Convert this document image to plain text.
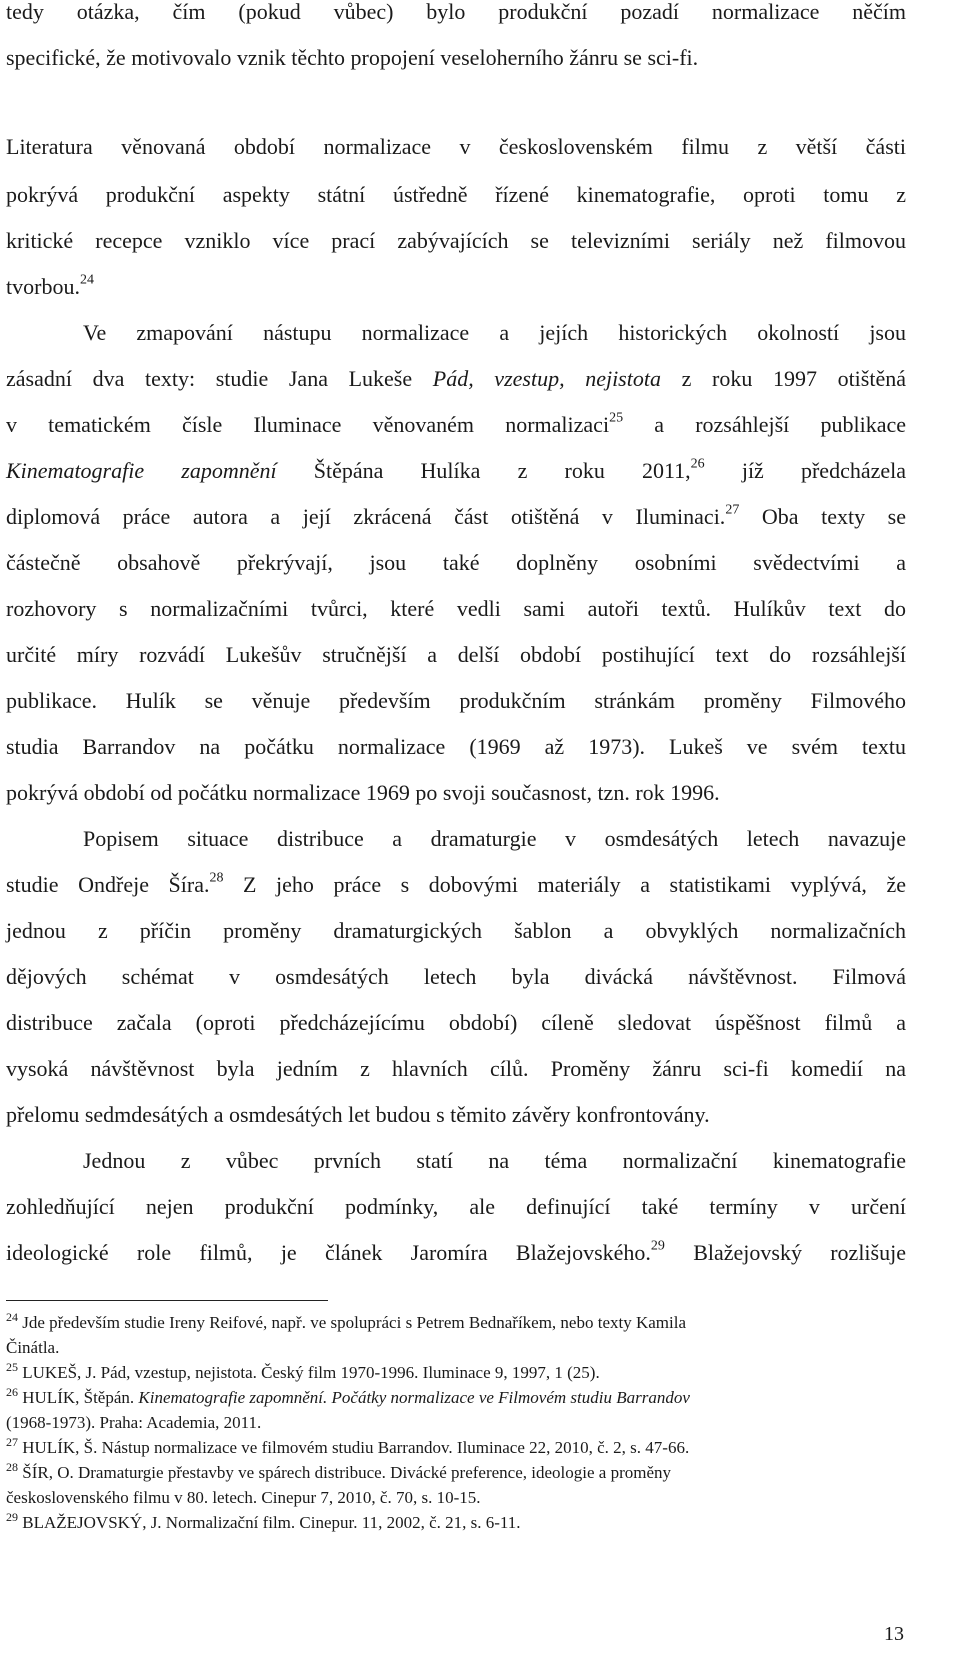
tedy otázka, čím (pokud vůbec) bylo produkční pozadí normalizace něčím
specifické, že motivovalo vznik těchto propojení veseloherního žánru se sci-fi.
Literatura věnovaná období normalizace v československém filmu z větší části
pokrývá produkční aspekty státní ústředně řízené kinematografie, oproti tomu z
kritické recepce vzniklo více prací zabývajících se televizními seriály než filmovou
tvorbou.$^{24}$
Ve zmapování nástupu normalizace a jejích historických okolností jsou
zásadní dva texty: studie Jana Lukeše Pád, vzestup, nejistota z roku 1997 otištěná
v tematickém čísle Iluminace věnovaném normalizaci$^{25}$ a rozsáhlejší publikace
Kinematografie zapomnění Štěpána Hulíka z roku 2011,26 jíž předcházela
diplomová práce autora a její zkrácená část otištěná v Iluminaci.$^{27}$ Oba texty se
částečně obsahově překrývají, jsou také doplněny osobními svědectvími a
rozhovory s normalizačními tvůrci, které vedli sami autoři textů. Hulíkův text do
určité míry rozvádí Lukešův stručnější a delší období postihující text do rozsáhlejší
publikace. Hulík se věnuje především produkčním stránkám proměny Filmového
studia Barrandov na počátku normalizace (1969 až 1973). Lukeš ve svém textu
pokrývá období od počátku normalizace 1969 po svoji současnost, tzn. rok 1996.
Popisem situace distribuce a dramaturgie v osmdesátých letech navazuje
studie Ondřeje Šíra.$^{28}$ Z jeho práce s dobovými materiály a statistikami vyplývá, že
jednou z příčin proměny dramaturgických šablon a obvyklých normalizačních
dějových schémat v osmdesátých letech byla divácká návštěvnost. Filmová
distribuce začala (oproti předcházejícímu období) cíleně sledovat úspěšnost filmů a
vysoká návštěvnost byla jedním z hlavních cílů. Proměny žánru sci-fi komedií na
přelomu sedmdesátých a osmdesátých let budou s těmito závěry konfrontovány.
Jednou z vůbec prvních statí na téma normalizační kinematografie
zohledňující nejen produkční podmínky, ale definující také termíny v určení
ideologické role filmů, je článek Jaromíra Blažejovského.$^{29}$ Blažejovský rozlišuje
$^{24}$ Jde především studie Ireny Reifové, např. ve spolupráci s Petrem Bednaříkem, nebo texty Kamila
Činátla.
$^{25}$ LUKEŠ, J. Pád, vzestup, nejistota. Český film 1970-1996. Iluminace 9, 1997, 1 (25).
$^{26}$ HULÍK, Štěpán. Kinematografie zapomnění. Počátky normalizace ve Filmovém studiu Barrandov
(1968-1973). Praha: Academia, 2011.
$^{27}$ HULÍK, Š. Nástup normalizace ve filmovém studiu Barrandov. Iluminace 22, 2010, č. 2, s. 47-66.
$^{28}$ ŠÍR, O. Dramaturgie přestavby ve spárech distribuce. Divácké preference, ideologie a proměny
československého filmu v 80. letech. Cinepur 7, 2010, č. 70, s. 10-15.
$^{29}$ BLAŽEJOVSKÝ, J. Normalizační film. Cinepur. 11, 2002, č. 21, s. 6-11.
13
